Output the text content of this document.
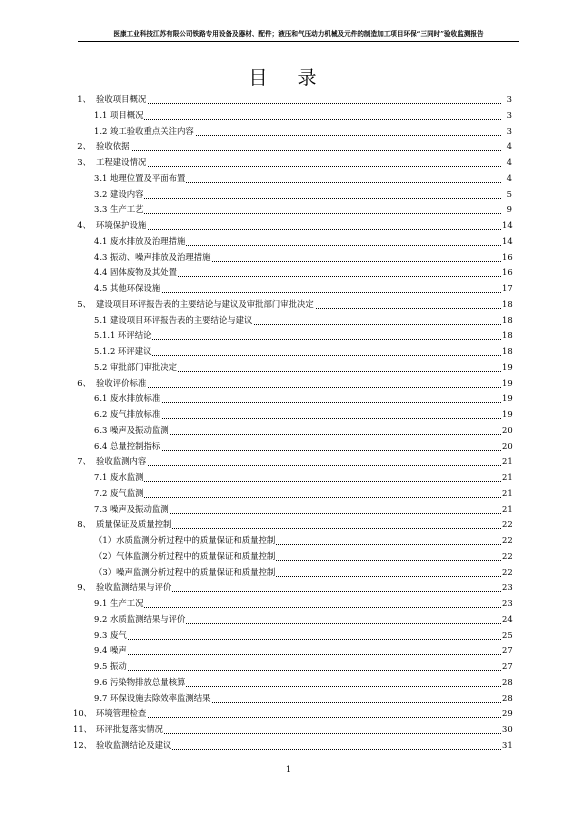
医康工业科技江苏有限公司铁路专用设备及器材、配件；液压和气压动力机械及元件的制造加工项目环保“三同时”验收监测报告
目 录
1、 验收项目概况	3
1.1 项目概况	3
1.2 竣工验收重点关注内容	3
2、 验收依据	4
3、 工程建设情况	4
3.1 地理位置及平面布置	4
3.2 建设内容	5
3.3 生产工艺	9
4、 环境保护设施	14
4.1 废水排放及治理措施	14
4.3 振动、噪声排放及治理措施	16
4.4 固体废物及其处置	16
4.5 其他环保设施	17
5、 建设项目环评报告表的主要结论与建议及审批部门审批决定	18
5.1 建设项目环评报告表的主要结论与建议	18
5.1.1 环评结论	18
5.1.2 环评建议	18
5.2 审批部门审批决定	19
6、 验收评价标准	19
6.1 废水排放标准	19
6.2 废气排放标准	19
6.3 噪声及振动监测	20
6.4 总量控制指标	20
7、 验收监测内容	21
7.1 废水监测	21
7.2 废气监测	21
7.3 噪声及振动监测	21
8、 质量保证及质量控制	22
（1）水质监测分析过程中的质量保证和质量控制	22
（2）气体监测分析过程中的质量保证和质量控制	22
（3）噪声监测分析过程中的质量保证和质量控制	22
9、 验收监测结果与评价	23
9.1 生产工况	23
9.2 水质监测结果与评价	24
9.3 废气	25
9.4 噪声	27
9.5 振动	27
9.6 污染物排放总量核算	28
9.7 环保设施去除效率监测结果	28
10、 环境管理检查	29
11、 环评批复落实情况	30
12、 验收监测结论及建议	31
1
